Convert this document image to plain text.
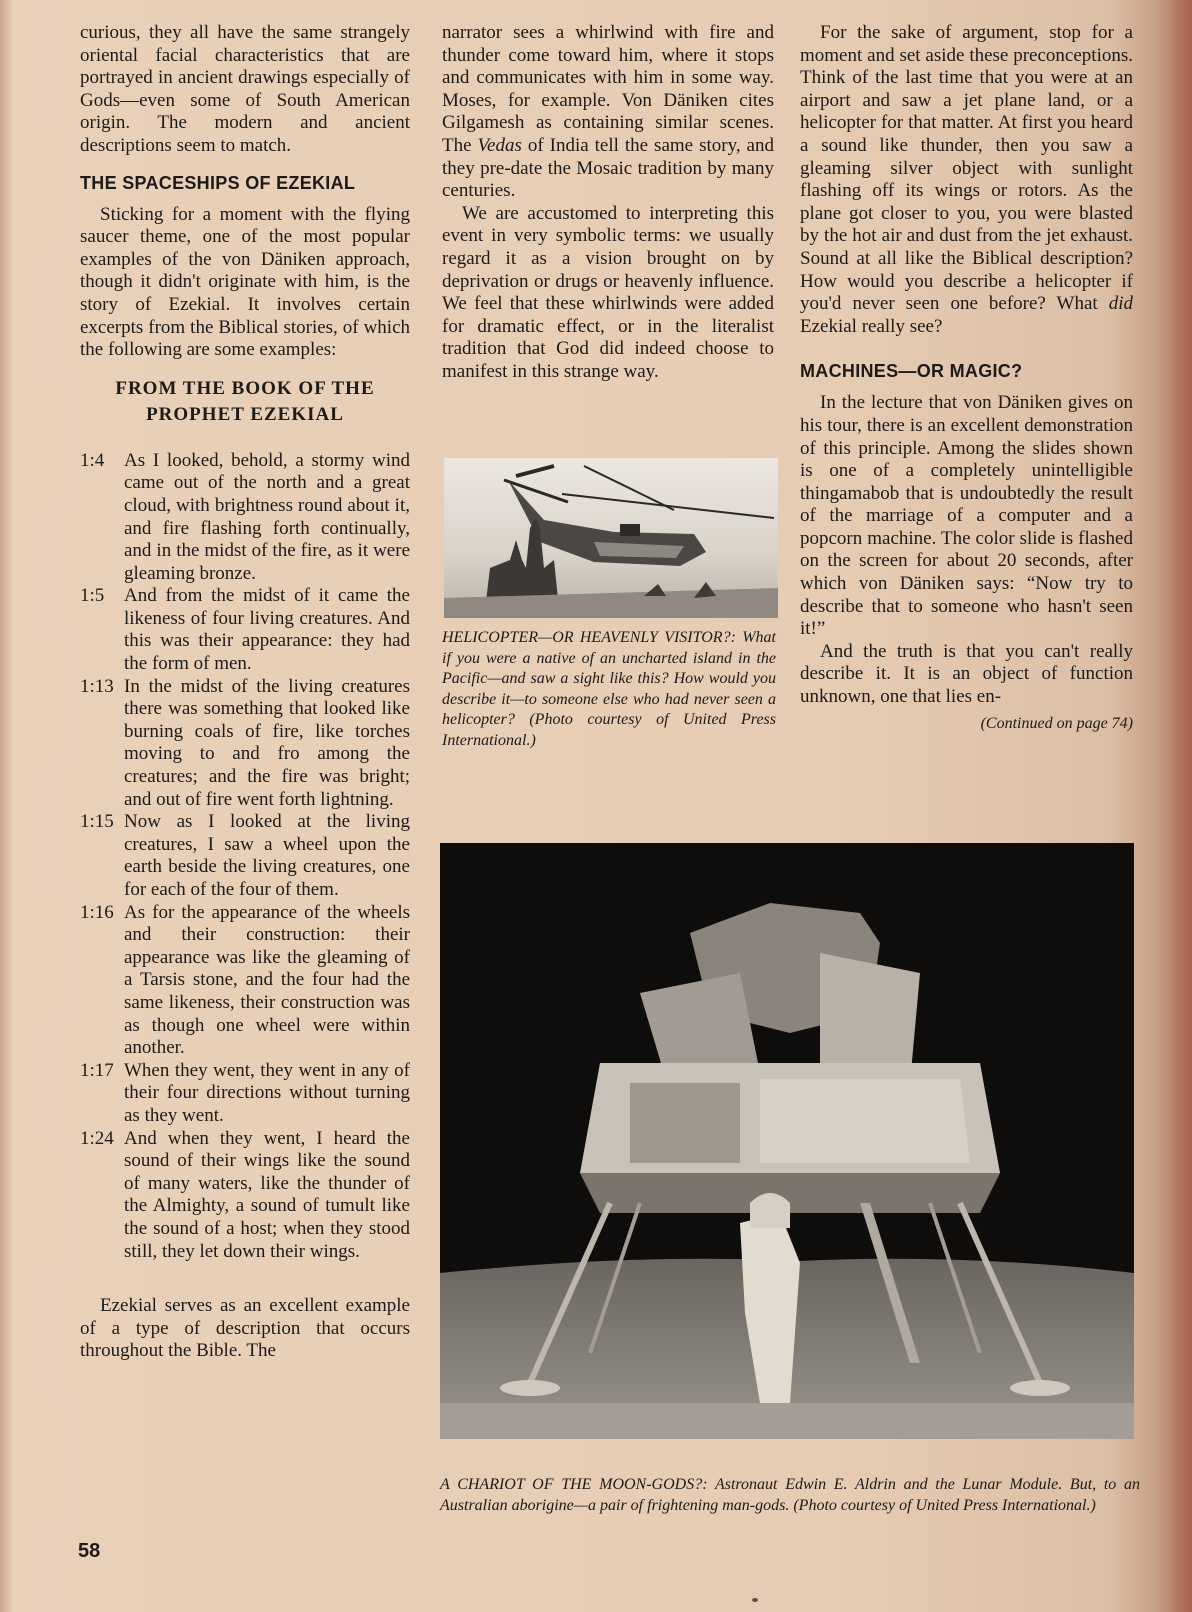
curious, they all have the same strangely oriental facial characteristics that are portrayed in ancient drawings especially of Gods—even some of South American origin. The modern and ancient descriptions seem to match.

THE SPACESHIPS OF EZEKIAL

Sticking for a moment with the flying saucer theme, one of the most popular examples of the von Däniken approach, though it didn't originate with him, is the story of Ezekial. It involves certain excerpts from the Biblical stories, of which the following are some examples:

FROM THE BOOK OF THE
PROPHET EZEKIAL
1:4	As I looked, behold, a stormy wind came out of the north and a great cloud, with brightness round about it, and fire flashing forth continually, and in the midst of the fire, as it were gleaming bronze.
1:5	And from the midst of it came the likeness of four living creatures. And this was their appearance: they had the form of men.
1:13 In the midst of the living creatures there was something that looked like burning coals of fire, like torches moving to and fro among the creatures; and the fire was bright; and out of fire went forth lightning.
1:15 Now as I looked at the living creatures, I saw a wheel upon the earth beside the living creatures, one for each of the four of them.
1:16 As for the appearance of the wheels and their construction: their appearance was like the gleaming of a Tarsis stone, and the four had the same likeness, their construction was as though one wheel were within another.
1:17 When they went, they went in any of their four directions without turning as they went.
1:24 And when they went, I heard the sound of their wings like the sound of many waters, like the thunder of the Almighty, a sound of tumult like the sound of a host; when they stood still, they let down their wings.

Ezekial serves as an excellent example of a type of description that occurs throughout the Bible. The

narrator sees a whirlwind with fire and thunder come toward him, where it stops and communicates with him in some way. Moses, for example. Von Däniken cites Gilgamesh as containing similar scenes. The Vedas of India tell the same story, and they pre-date the Mosaic tradition by many centuries.

We are accustomed to interpreting this event in very symbolic terms: we usually regard it as a vision brought on by deprivation or drugs or heavenly influence. We feel that these whirlwinds were added for dramatic effect, or in the literalist tradition that God did indeed choose to manifest in this strange way.

HELICOPTER—OR HEAVENLY VISITOR?: What if you were a native of an uncharted island in the Pacific—and saw a sight like this? How would you describe it—to someone else who had never seen a helicopter? (Photo courtesy of United Press International.)

For the sake of argument, stop for a moment and set aside these preconceptions. Think of the last time that you were at an airport and saw a jet plane land, or a helicopter for that matter. At first you heard a sound like thunder, then you saw a gleaming silver object with sunlight flashing off its wings or rotors. As the plane got closer to you, you were blasted by the hot air and dust from the jet exhaust. Sound at all like the Biblical description? How would you describe a helicopter if you'd never seen one before? What did Ezekial really see?

MACHINES—OR MAGIC?

In the lecture that von Däniken gives on his tour, there is an excellent demonstration of this principle. Among the slides shown is one of a completely unintelligible thingamabob that is undoubtedly the result of the marriage of a computer and a popcorn machine. The color slide is flashed on the screen for about 20 seconds, after which von Däniken says: “Now try to describe that to someone who hasn't seen it!”

And the truth is that you can't really describe it. It is an object of function unknown, one that lies en-

(Continued on page 74)
A CHARIOT OF THE MOON-GODS?: Astronaut Edwin E. Aldrin and the Lunar Module. But, to an Australian aborigine—a pair of frightening man-gods. (Photo courtesy of United Press International.)
58
